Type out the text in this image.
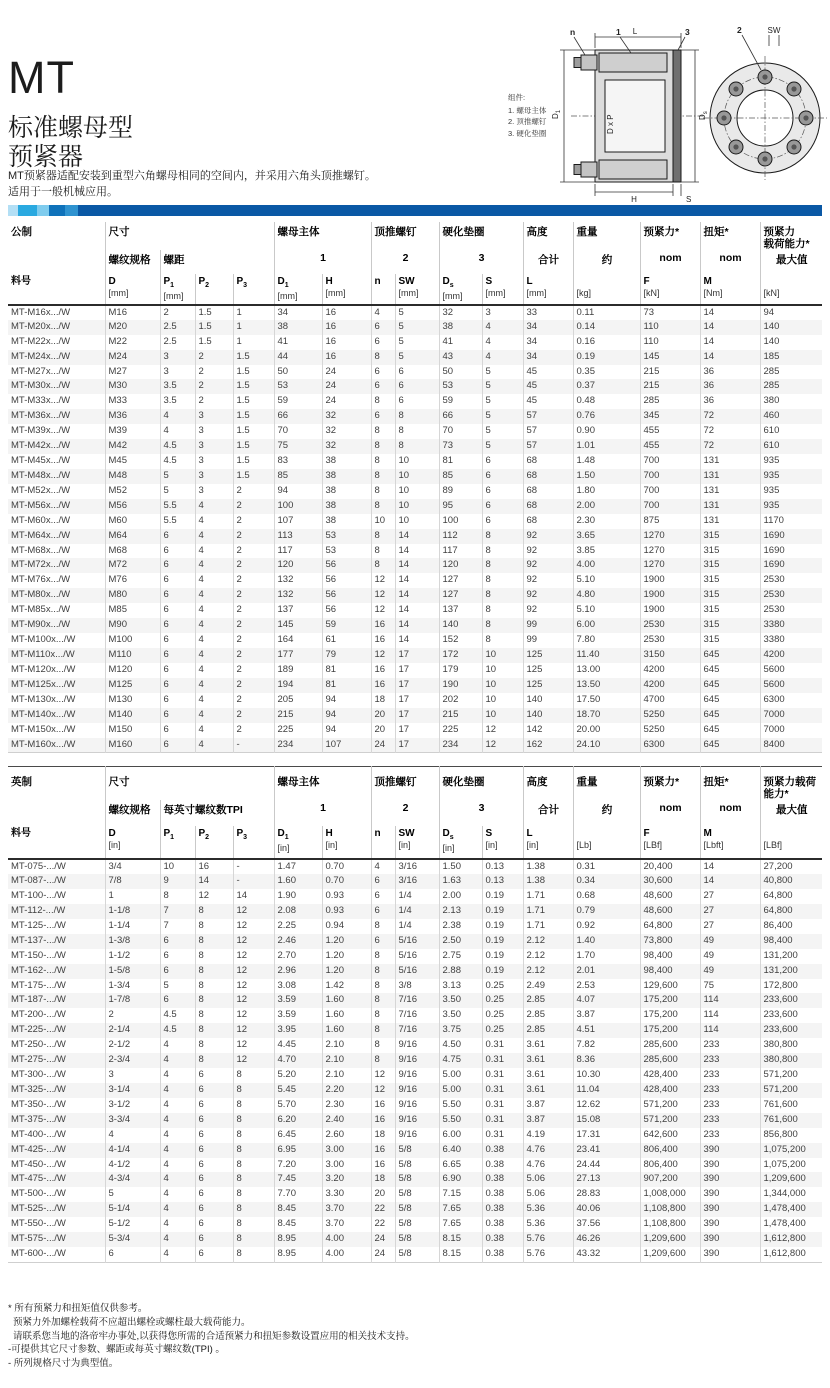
MT
标准螺母型
预紧器
MT预紧器适配安装到重型六角螺母相同的空间内，并采用六角头顶推螺钉。
适用于一般机械应用。
组件:
1. 螺母主体
2. 顶推螺钉
3. 硬化垫圈	D x P
L
n	1	3
$D_1$
$D_s$
H	S
2	SW
公制	尺寸				螺母主体		顶推螺钉		硬化垫圈		高度	重量	预紧力*	扭矩*	预紧力
载荷能力*
	螺纹规格	螺距			1		2		3		合计	约	nom	nom	最大值

料号	D
[mm]

$P_1$
[mm]

$P_2$	$P_3$	$D_1$
[mm]

H
[mm]

n	SW
[mm]

$D_s$
[mm]

S
[mm]

L
[mm]	[kg]

F
[kN]

M
[Nm]	[kN]

MT-M16x.../W	M16	2	1.5	1	34	16	4	5	32	3	33	0.11	73	14	94
MT-M20x.../W	M20	2.5	1.5	1	38	16	6	5	38	4	34	0.14	110	14	140
MT-M22x.../W	M22	2.5	1.5	1	41	16	6	5	41	4	34	0.16	110	14	140
MT-M24x.../W	M24	3	2	1.5	44	16	8	5	43	4	34	0.19	145	14	185
MT-M27x.../W	M27	3	2	1.5	50	24	6	6	50	5	45	0.35	215	36	285
MT-M30x.../W	M30	3.5	2	1.5	53	24	6	6	53	5	45	0.37	215	36	285
MT-M33x.../W	M33	3.5	2	1.5	59	24	8	6	59	5	45	0.48	285	36	380
MT-M36x.../W	M36	4	3	1.5	66	32	6	8	66	5	57	0.76	345	72	460
MT-M39x.../W	M39	4	3	1.5	70	32	8	8	70	5	57	0.90	455	72	610
MT-M42x.../W	M42	4.5	3	1.5	75	32	8	8	73	5	57	1.01	455	72	610
MT-M45x.../W	M45	4.5	3	1.5	83	38	8	10	81	6	68	1.48	700	131	935
MT-M48x.../W	M48	5	3	1.5	85	38	8	10	85	6	68	1.50	700	131	935
MT-M52x.../W	M52	5	3	2	94	38	8	10	89	6	68	1.80	700	131	935
MT-M56x.../W	M56	5.5	4	2	100	38	8	10	95	6	68	2.00	700	131	935
MT-M60x.../W	M60	5.5	4	2	107	38	10	10	100	6	68	2.30	875	131	1170
MT-M64x.../W	M64	6	4	2	113	53	8	14	112	8	92	3.65	1270	315	1690
MT-M68x.../W	M68	6	4	2	117	53	8	14	117	8	92	3.85	1270	315	1690
MT-M72x.../W	M72	6	4	2	120	56	8	14	120	8	92	4.00	1270	315	1690
MT-M76x.../W	M76	6	4	2	132	56	12	14	127	8	92	5.10	1900	315	2530
MT-M80x.../W	M80	6	4	2	132	56	12	14	127	8	92	4.80	1900	315	2530
MT-M85x.../W	M85	6	4	2	137	56	12	14	137	8	92	5.10	1900	315	2530
MT-M90x.../W	M90	6	4	2	145	59	16	14	140	8	99	6.00	2530	315	3380
MT-M100x.../W	M100	6	4	2	164	61	16	14	152	8	99	7.80	2530	315	3380
MT-M110x.../W	M110	6	4	2	177	79	12	17	172	10	125	11.40	3150	645	4200
MT-M120x.../W	M120	6	4	2	189	81	16	17	179	10	125	13.00	4200	645	5600
MT-M125x.../W	M125	6	4	2	194	81	16	17	190	10	125	13.50	4200	645	5600
MT-M130x.../W	M130	6	4	2	205	94	18	17	202	10	140	17.50	4700	645	6300
MT-M140x.../W	M140	6	4	2	215	94	20	17	215	10	140	18.70	5250	645	7000
MT-M150x.../W	M150	6	4	2	225	94	20	17	225	12	142	20.00	5250	645	7000
MT-M160x.../W	M160	6	4	-	234	107	24	17	234	12	162	24.10	6300	645	8400
英制	尺寸				螺母主体		顶推螺钉		硬化垫圈		高度	重量	预紧力*	扭矩*	预紧力载荷
能力*
	螺纹规格	每英寸螺纹数TPI			1		2		3		合计	约	nom	nom	最大值

料号	D
[in]

$P_1$	$P_2$	$P_3$	$D_1$
[in]

H
[in]

n	SW
[in]

$D_s$
[in]

S
[in]

L
[in]	[Lb]

F
[LBf]

M
[Lbft]	[LBf]

MT-075-.../W	3/4	10	16	-	1.47	0.70	4	3/16	1.50	0.13	1.38	0.31	20,400	14	27,200
MT-087-.../W	7/8	9	14	-	1.60	0.70	6	3/16	1.63	0.13	1.38	0.34	30,600	14	40,800
MT-100-.../W	1	8	12	14	1.90	0.93	6	1/4	2.00	0.19	1.71	0.68	48,600	27	64,800
MT-112-.../W	1-1/8	7	8	12	2.08	0.93	6	1/4	2.13	0.19	1.71	0.79	48,600	27	64,800
MT-125-.../W	1-1/4	7	8	12	2.25	0.94	8	1/4	2.38	0.19	1.71	0.92	64,800	27	86,400
MT-137-.../W	1-3/8	6	8	12	2.46	1.20	6	5/16	2.50	0.19	2.12	1.40	73,800	49	98,400
MT-150-.../W	1-1/2	6	8	12	2.70	1.20	8	5/16	2.75	0.19	2.12	1.70	98,400	49	131,200
MT-162-.../W	1-5/8	6	8	12	2.96	1.20	8	5/16	2.88	0.19	2.12	2.01	98,400	49	131,200
MT-175-.../W	1-3/4	5	8	12	3.08	1.42	8	3/8	3.13	0.25	2.49	2.53	129,600	75	172,800
MT-187-.../W	1-7/8	6	8	12	3.59	1.60	8	7/16	3.50	0.25	2.85	4.07	175,200	114	233,600
MT-200-.../W	2	4.5	8	12	3.59	1.60	8	7/16	3.50	0.25	2.85	3.87	175,200	114	233,600
MT-225-.../W	2-1/4	4.5	8	12	3.95	1.60	8	7/16	3.75	0.25	2.85	4.51	175,200	114	233,600
MT-250-.../W	2-1/2	4	8	12	4.45	2.10	8	9/16	4.50	0.31	3.61	7.82	285,600	233	380,800
MT-275-.../W	2-3/4	4	8	12	4.70	2.10	8	9/16	4.75	0.31	3.61	8.36	285,600	233	380,800
MT-300-.../W	3	4	6	8	5.20	2.10	12	9/16	5.00	0.31	3.61	10.30	428,400	233	571,200
MT-325-.../W	3-1/4	4	6	8	5.45	2.20	12	9/16	5.00	0.31	3.61	11.04	428,400	233	571,200
MT-350-.../W	3-1/2	4	6	8	5.70	2.30	16	9/16	5.50	0.31	3.87	12.62	571,200	233	761,600
MT-375-.../W	3-3/4	4	6	8	6.20	2.40	16	9/16	5.50	0.31	3.87	15.08	571,200	233	761,600
MT-400-.../W	4	4	6	8	6.45	2.60	18	9/16	6.00	0.31	4.19	17.31	642,600	233	856,800
MT-425-.../W	4-1/4	4	6	8	6.95	3.00	16	5/8	6.40	0.38	4.76	23.41	806,400	390	1,075,200
MT-450-.../W	4-1/2	4	6	8	7.20	3.00	16	5/8	6.65	0.38	4.76	24.44	806,400	390	1,075,200
MT-475-.../W	4-3/4	4	6	8	7.45	3.20	18	5/8	6.90	0.38	5.06	27.13	907,200	390	1,209,600
MT-500-.../W	5	4	6	8	7.70	3.30	20	5/8	7.15	0.38	5.06	28.83	1,008,000	390	1,344,000
MT-525-.../W	5-1/4	4	6	8	8.45	3.70	22	5/8	7.65	0.38	5.36	40.06	1,108,800	390	1,478,400
MT-550-.../W	5-1/2	4	6	8	8.45	3.70	22	5/8	7.65	0.38	5.36	37.56	1,108,800	390	1,478,400
MT-575-.../W	5-3/4	4	6	8	8.95	4.00	24	5/8	8.15	0.38	5.76	46.26	1,209,600	390	1,612,800
MT-600-.../W	6	4	6	8	8.95	4.00	24	5/8	8.15	0.38	5.76	43.32	1,209,600	390	1,612,800
* 所有预紧力和扭矩值仅供参考。
预紧力外加螺栓载荷不应超出螺栓或螺柱最大载荷能力。
请联系您当地的洛帝牢办事处,以获得您所需的合适预紧力和扭矩参数设置应用的相关技术支持。
-可提供其它尺寸参数、螺距或每英寸螺纹数(TPI) 。
- 所列规格尺寸为典型值。
